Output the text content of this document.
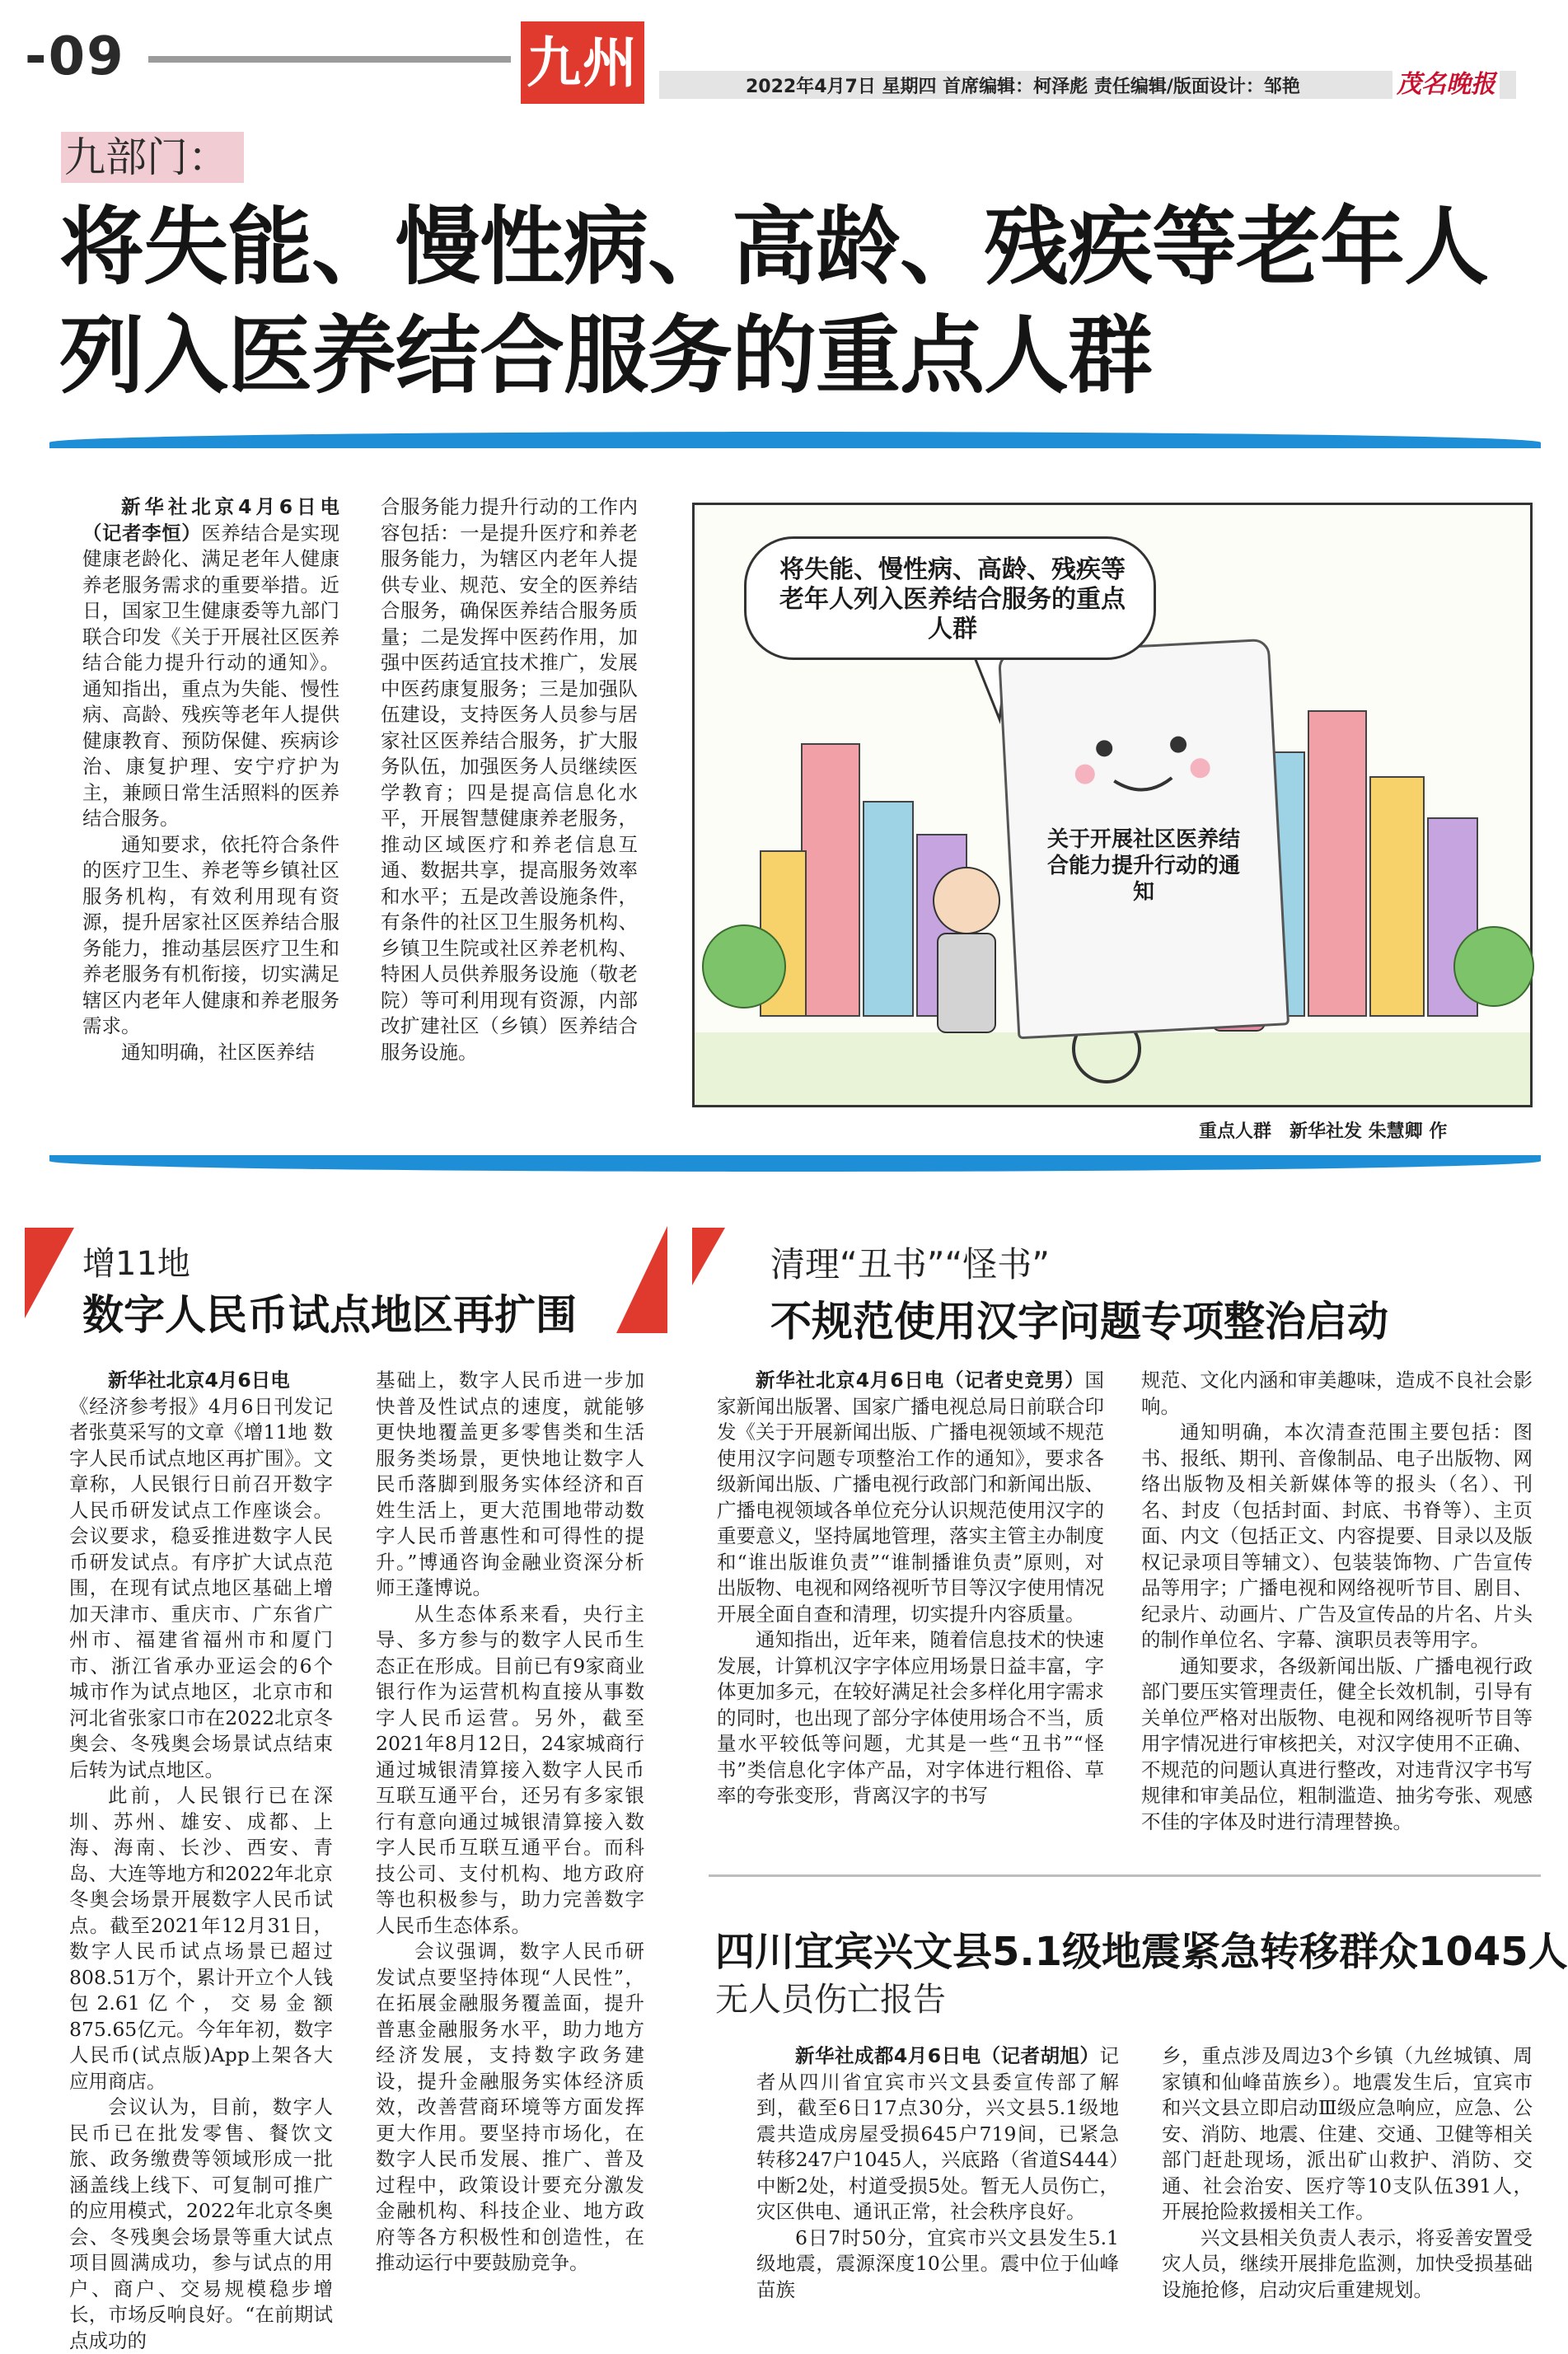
-09	九州	2022年4月7日 星期四 首席编辑：柯泽彪 责任编辑/版面设计：邹艳	茂名晚报
九部门：
将失能、慢性病、高龄、残疾等老年人
列入医养结合服务的重点人群

新华社北京4月6日电（记者李恒）医养结合是实现健康老龄化、满足老年人健康养老服务需求的重要举措。近日，国家卫生健康委等九部门联合印发《关于开展社区医养结合能力提升行动的通知》。通知指出，重点为失能、慢性病、高龄、残疾等老年人提供健康教育、预防保健、疾病诊治、康复护理、安宁疗护为主，兼顾日常生活照料的医养结合服务。

通知要求，依托符合条件的医疗卫生、养老等乡镇社区服务机构，有效利用现有资源，提升居家社区医养结合服务能力，推动基层医疗卫生和养老服务有机衔接，切实满足辖区内老年人健康和养老服务需求。

通知明确，社区医养结

合服务能力提升行动的工作内容包括：一是提升医疗和养老服务能力，为辖区内老年人提供专业、规范、安全的医养结合服务，确保医养结合服务质量；二是发挥中医药作用，加强中医药适宜技术推广，发展中医药康复服务；三是加强队伍建设，支持医务人员参与居家社区医养结合服务，扩大服务队伍，加强医务人员继续医学教育；四是提高信息化水平，开展智慧健康养老服务，推动区域医疗和养老信息互通、数据共享，提高服务效率和水平；五是改善设施条件，有条件的社区卫生服务机构、乡镇卫生院或社区养老机构、特困人员供养服务设施（敬老院）等可利用现有资源，内部改扩建社区（乡镇）医养结合服务设施。
将失能、慢性病、高龄、残疾等老年人列入医养结合服务的重点人群
关于开展社区医养结合能力提升行动的通知
重点人群　新华社发 朱慧卿 作
增11地
数字人民币试点地区再扩围

新华社北京4月6日电
《经济参考报》4月6日刊发记者张莫采写的文章《增11地 数字人民币试点地区再扩围》。文章称，人民银行日前召开数字人民币研发试点工作座谈会。会议要求，稳妥推进数字人民币研发试点。有序扩大试点范围，在现有试点地区基础上增加天津市、重庆市、广东省广州市、福建省福州市和厦门市、浙江省承办亚运会的6个城市作为试点地区，北京市和河北省张家口市在2022北京冬奥会、冬残奥会场景试点结束后转为试点地区。

此前，人民银行已在深圳、苏州、雄安、成都、上海、海南、长沙、西安、青岛、大连等地方和2022年北京冬奥会场景开展数字人民币试点。截至2021年12月31日，数字人民币试点场景已超过808.51万个，累计开立个人钱包2.61亿个，交易金额875.65亿元。今年年初，数字人民币(试点版)App上架各大应用商店。

会议认为，目前，数字人民币已在批发零售、餐饮文旅、政务缴费等领域形成一批涵盖线上线下、可复制可推广的应用模式，2022年北京冬奥会、冬残奥会场景等重大试点项目圆满成功，参与试点的用户、商户、交易规模稳步增长，市场反响良好。“在前期试点成功的

基础上，数字人民币进一步加快普及性试点的速度，就能够更快地覆盖更多零售类和生活服务类场景，更快地让数字人民币落脚到服务实体经济和百姓生活上，更大范围地带动数字人民币普惠性和可得性的提升。”博通咨询金融业资深分析师王蓬博说。

从生态体系来看，央行主导、多方参与的数字人民币生态正在形成。目前已有9家商业银行作为运营机构直接从事数字人民币运营。另外，截至2021年8月12日，24家城商行通过城银清算接入数字人民币互联互通平台，还另有多家银行有意向通过城银清算接入数字人民币互联互通平台。而科技公司、支付机构、地方政府等也积极参与，助力完善数字人民币生态体系。

会议强调，数字人民币研发试点要坚持体现“人民性”，在拓展金融服务覆盖面，提升普惠金融服务水平，助力地方经济发展，支持数字政务建设，提升金融服务实体经济质效，改善营商环境等方面发挥更大作用。要坚持市场化，在数字人民币发展、推广、普及过程中，政策设计要充分激发金融机构、科技企业、地方政府等各方积极性和创造性，在推动运行中要鼓励竞争。

清理“丑书”“怪书”
不规范使用汉字问题专项整治启动

新华社北京4月6日电（记者史竞男）国家新闻出版署、国家广播电视总局日前联合印发《关于开展新闻出版、广播电视领域不规范使用汉字问题专项整治工作的通知》，要求各级新闻出版、广播电视行政部门和新闻出版、广播电视领域各单位充分认识规范使用汉字的重要意义，坚持属地管理，落实主管主办制度和“谁出版谁负责”“谁制播谁负责”原则，对出版物、电视和网络视听节目等汉字使用情况开展全面自查和清理，切实提升内容质量。

通知指出，近年来，随着信息技术的快速发展，计算机汉字字体应用场景日益丰富，字体更加多元，在较好满足社会多样化用字需求的同时，也出现了部分字体使用场合不当，质量水平较低等问题，尤其是一些“丑书”“怪书”类信息化字体产品，对字体进行粗俗、草率的夸张变形，背离汉字的书写

规范、文化内涵和审美趣味，造成不良社会影响。

通知明确，本次清查范围主要包括：图书、报纸、期刊、音像制品、电子出版物、网络出版物及相关新媒体等的报头（名）、刊名、封皮（包括封面、封底、书脊等）、主页面、内文（包括正文、内容提要、目录以及版权记录项目等辅文）、包装装饰物、广告宣传品等用字；广播电视和网络视听节目、剧目、纪录片、动画片、广告及宣传品的片名、片头的制作单位名、字幕、演职员表等用字。

通知要求，各级新闻出版、广播电视行政部门要压实管理责任，健全长效机制，引导有关单位严格对出版物、电视和网络视听节目等用字情况进行审核把关，对汉字使用不正确、不规范的问题认真进行整改，对违背汉字书写规律和审美品位，粗制滥造、抽劣夸张、观感不佳的字体及时进行清理替换。

四川宜宾兴文县5.1级地震紧急转移群众1045人
无人员伤亡报告

新华社成都4月6日电（记者胡旭）记者从四川省宜宾市兴文县委宣传部了解到，截至6日17点30分，兴文县5.1级地震共造成房屋受损645户719间，已紧急转移247户1045人，兴底路（省道S444）中断2处，村道受损5处。暂无人员伤亡，灾区供电、通讯正常，社会秩序良好。

6日7时50分，宜宾市兴文县发生5.1级地震，震源深度10公里。震中位于仙峰苗族

乡，重点涉及周边3个乡镇（九丝城镇、周家镇和仙峰苗族乡）。地震发生后，宜宾市和兴文县立即启动Ⅲ级应急响应，应急、公安、消防、地震、住建、交通、卫健等相关部门赶赴现场，派出矿山救护、消防、交通、社会治安、医疗等10支队伍391人，开展抢险救援相关工作。

兴文县相关负责人表示，将妥善安置受灾人员，继续开展排危监测，加快受损基础设施抢修，启动灾后重建规划。
